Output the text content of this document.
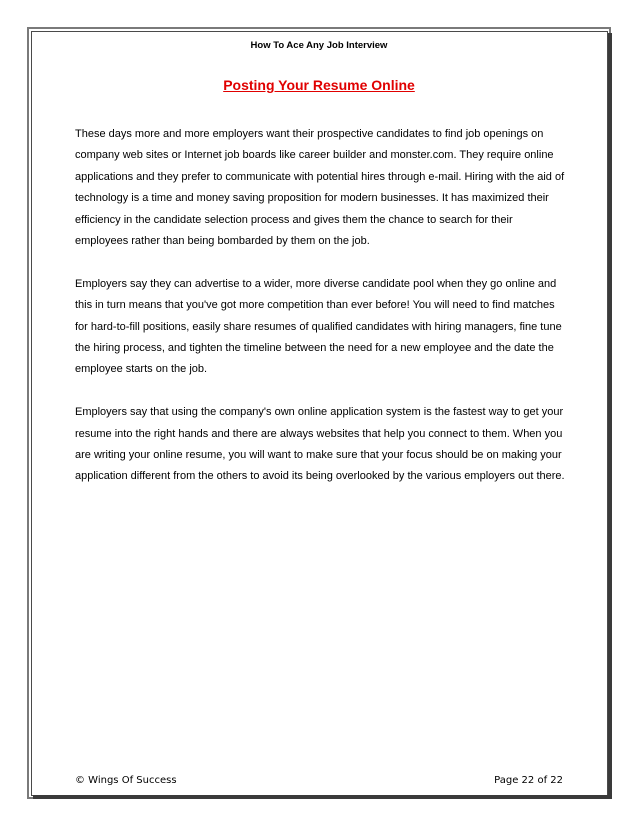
How To Ace Any Job Interview
Posting Your Resume Online

These days more and more employers want their prospective candidates to find job openings on company web sites or Internet job boards like career builder and monster.com. They require online applications and they prefer to communicate with potential hires through e-mail. Hiring with the aid of technology is a time and money saving proposition for modern businesses. It has maximized their efficiency in the candidate selection process and gives them the chance to search for their employees rather than being bombarded by them on the job.

Employers say they can advertise to a wider, more diverse candidate pool when they go online and this in turn means that you've got more competition than ever before! You will need to find matches for hard-to-fill positions, easily share resumes of qualified candidates with hiring managers, fine tune the hiring process, and tighten the timeline between the need for a new employee and the date the employee starts on the job.

Employers say that using the company's own online application system is the fastest way to get your resume into the right hands and there are always websites that help you connect to them. When you are writing your online resume, you will want to make sure that your focus should be on making your application different from the others to avoid its being overlooked by the various employers out there.

© Wings Of Success	Page 22 of 22
